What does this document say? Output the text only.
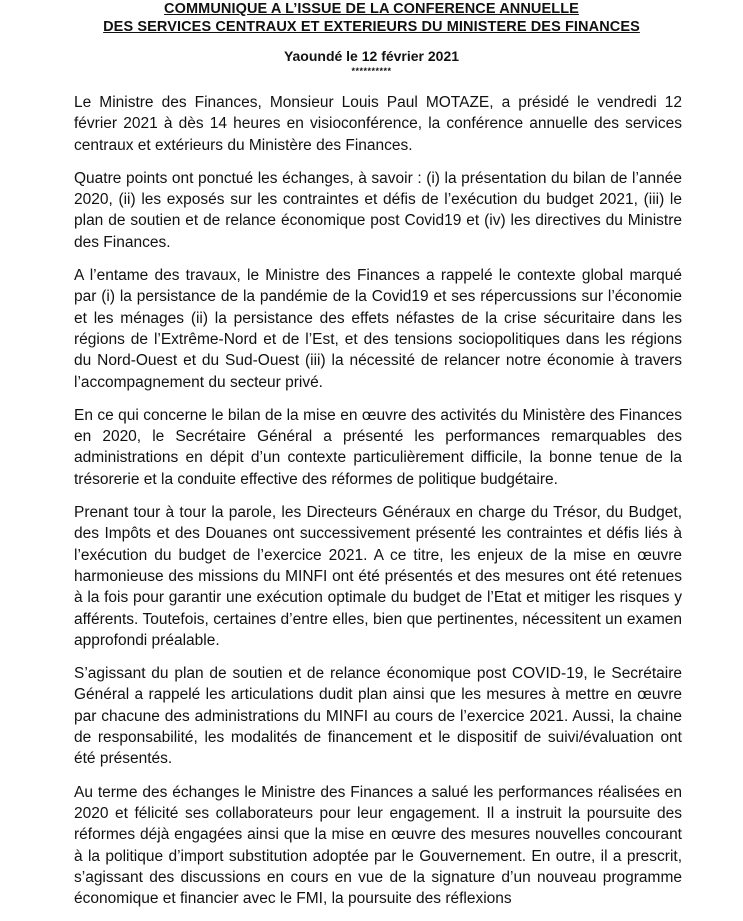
COMMUNIQUE A L’ISSUE DE LA CONFERENCE ANNUELLE
DES SERVICES CENTRAUX ET EXTERIEURS DU MINISTERE DES FINANCES
Yaoundé le 12 février 2021
**********

Le Ministre des Finances, Monsieur Louis Paul MOTAZE, a présidé le vendredi 12 février 2021 à dès 14 heures en visioconférence, la conférence annuelle des services centraux et extérieurs du Ministère des Finances.

Quatre points ont ponctué les échanges, à savoir : (i) la présentation du bilan de l’année 2020, (ii) les exposés sur les contraintes et défis de l’exécution du budget 2021, (iii) le plan de soutien et de relance économique post Covid19 et (iv) les directives du Ministre des Finances.

A l’entame des travaux, le Ministre des Finances a rappelé le contexte global marqué par (i) la persistance de la pandémie de la Covid19 et ses répercussions sur l’économie et les ménages (ii) la persistance des effets néfastes de la crise sécuritaire dans les régions de l’Extrême-Nord et de l’Est, et des tensions sociopolitiques dans les régions du Nord-Ouest et du Sud-Ouest (iii) la nécessité de relancer notre économie à travers l’accompagnement du secteur privé.

En ce qui concerne le bilan de la mise en œuvre des activités du Ministère des Finances en 2020, le Secrétaire Général a présenté les performances remarquables des administrations en dépit d’un contexte particulièrement difficile, la bonne tenue de la trésorerie et la conduite effective des réformes de politique budgétaire.

Prenant tour à tour la parole, les Directeurs Généraux en charge du Trésor, du Budget, des Impôts et des Douanes ont successivement présenté les contraintes et défis liés à l’exécution du budget de l’exercice 2021. A ce titre, les enjeux de la mise en œuvre harmonieuse des missions du MINFI ont été présentés et des mesures ont été retenues à la fois pour garantir une exécution optimale du budget de l’Etat et mitiger les risques y afférents. Toutefois, certaines d’entre elles, bien que pertinentes, nécessitent un examen approfondi préalable.

S’agissant du plan de soutien et de relance économique post COVID-19, le Secrétaire Général a rappelé les articulations dudit plan ainsi que les mesures à mettre en œuvre par chacune des administrations du MINFI au cours de l’exercice 2021. Aussi, la chaine de responsabilité, les modalités de financement et le dispositif de suivi/évaluation ont été présentés.

Au terme des échanges le Ministre des Finances a salué les performances réalisées en 2020 et félicité ses collaborateurs pour leur engagement. Il a instruit la poursuite des réformes déjà engagées ainsi que la mise en œuvre des mesures nouvelles concourant à la politique d’import substitution adoptée par le Gouvernement. En outre, il a prescrit, s’agissant des discussions en cours en vue de la signature d’un nouveau programme économique et financier avec le FMI, la poursuite des réflexions
